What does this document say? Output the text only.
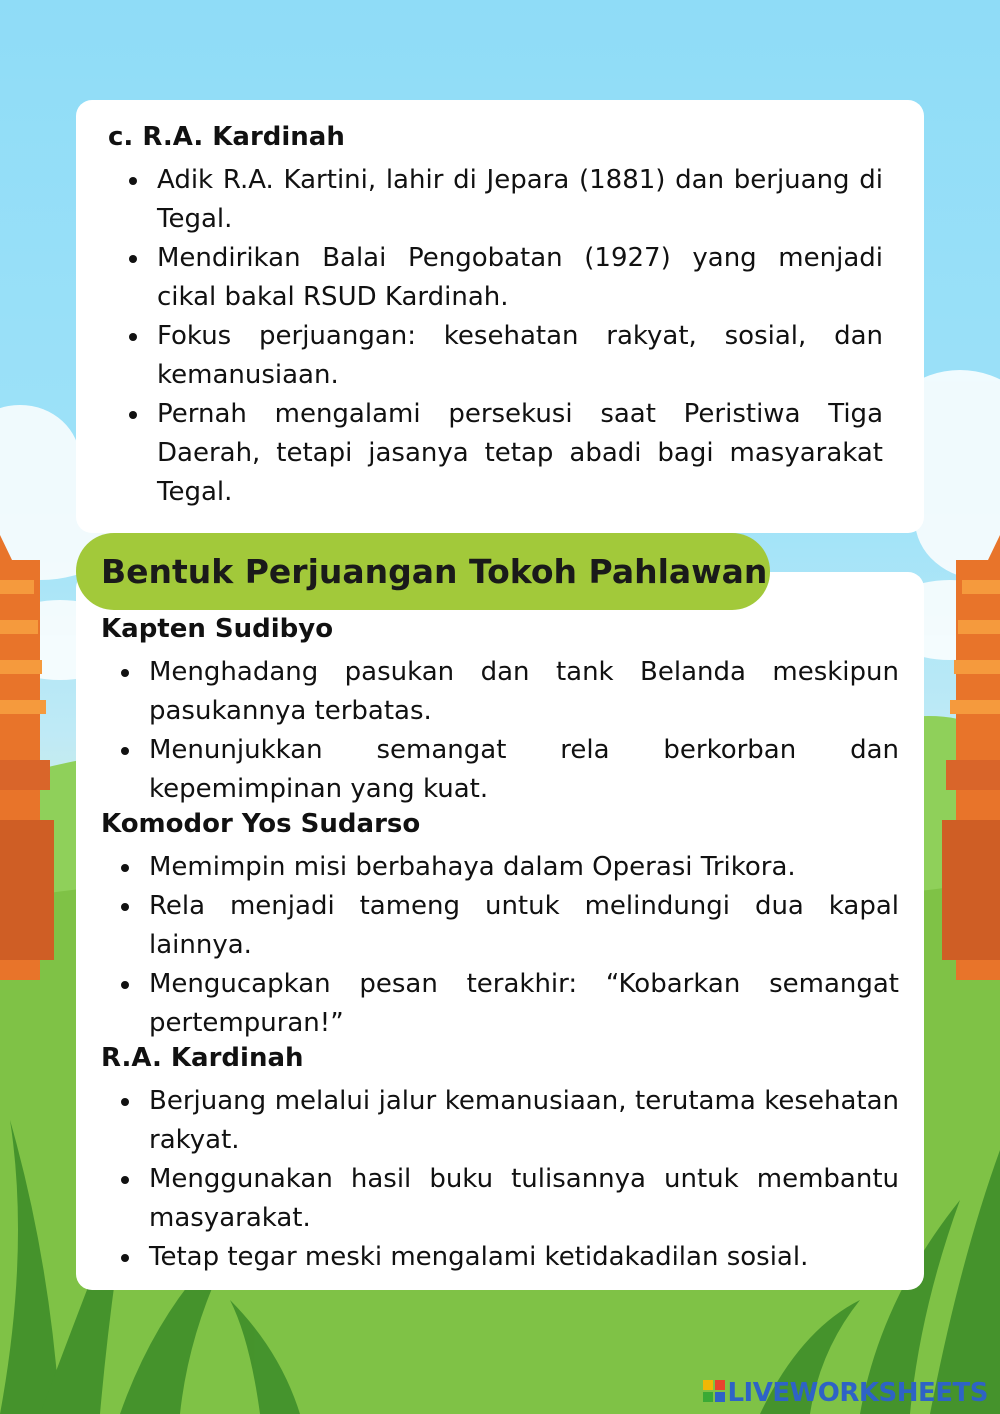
c. R.A. Kardinah
Adik R.A. Kartini, lahir di Jepara (1881) dan berjuang di Tegal.
Mendirikan Balai Pengobatan (1927) yang menjadi cikal bakal RSUD Kardinah.
Fokus perjuangan: kesehatan rakyat, sosial, dan kemanusiaan.
Pernah mengalami persekusi saat Peristiwa Tiga Daerah, tetapi jasanya tetap abadi bagi masyarakat Tegal.
Bentuk Perjuangan Tokoh Pahlawan
Kapten Sudibyo
Menghadang pasukan dan tank Belanda meskipun pasukannya terbatas.
Menunjukkan semangat rela berkorban dan kepemimpinan yang kuat.
Komodor Yos Sudarso
Memimpin misi berbahaya dalam Operasi Trikora.
Rela menjadi tameng untuk melindungi dua kapal lainnya.
Mengucapkan pesan terakhir: “Kobarkan semangat pertempuran!”
R.A. Kardinah
Berjuang melalui jalur kemanusiaan, terutama kesehatan rakyat.
Menggunakan hasil buku tulisannya untuk membantu masyarakat.
Tetap tegar meski mengalami ketidakadilan sosial.
LIVEWORKSHEETS
